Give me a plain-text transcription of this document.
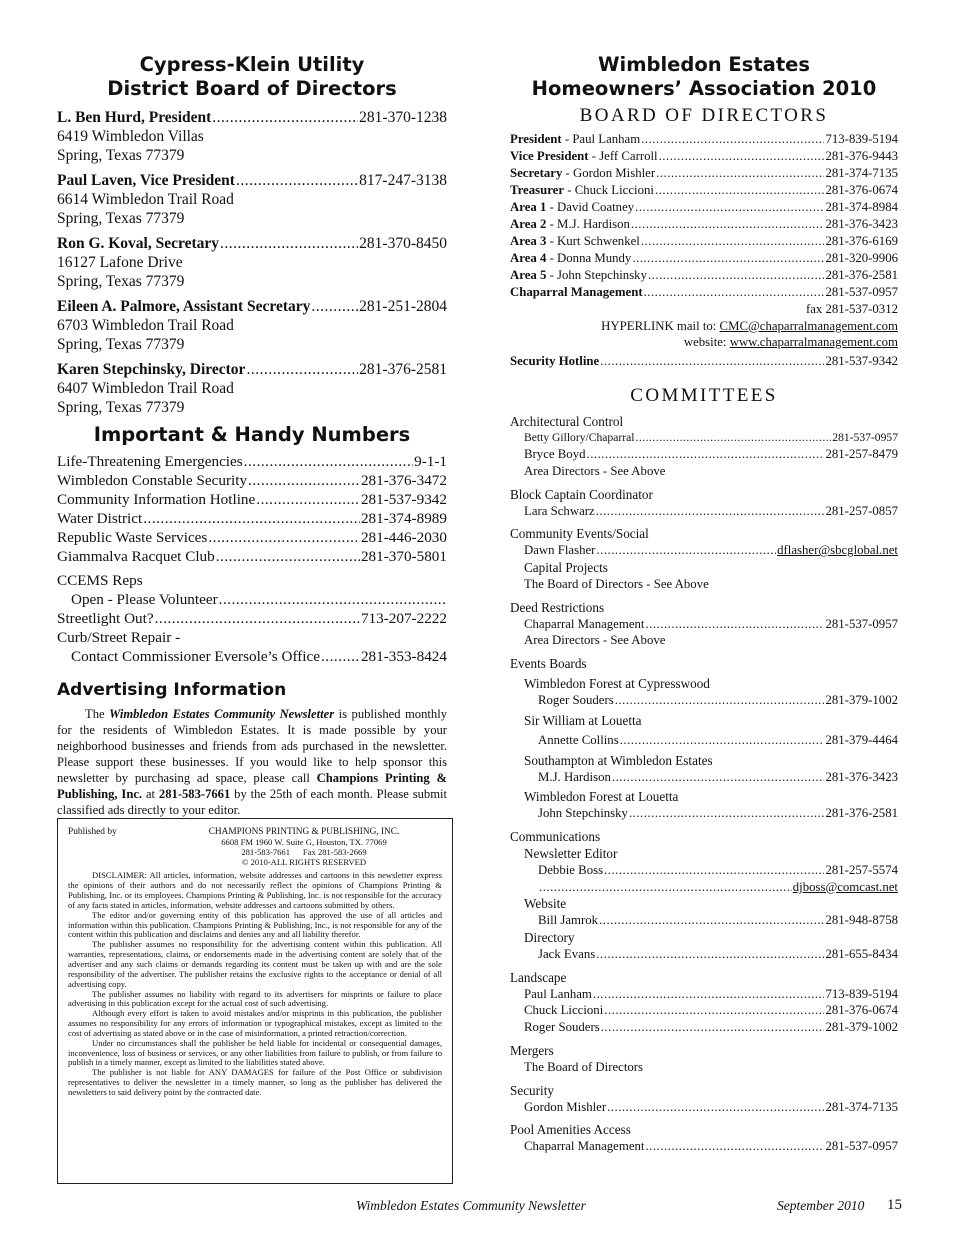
Cypress-Klein Utility
District Board of Directors
L. Ben Hurd, President .....	281-370-1238
6419 Wimbledon Villas
Spring, Texas 77379
Paul Laven, Vice President .....	817-247-3138
6614 Wimbledon Trail Road
Spring, Texas 77379
Ron G. Koval, Secretary .....	281-370-8450
16127 Lafone Drive
Spring, Texas 77379
Eileen A. Palmore, Assistant Secretary .....	281-251-2804
6703 Wimbledon Trail Road
Spring, Texas 77379
Karen Stepchinsky, Director .....	281-376-2581
6407 Wimbledon Trail Road
Spring, Texas 77379
Important & Handy Numbers
Life-Threatening Emergencies .....	9-1-1
Wimbledon Constable Security .....	281-376-3472
Community Information Hotline .....	281-537-9342
Water District .....	281-374-8989
Republic Waste Services .....	281-446-2030
Giammalva Racquet Club .....	281-370-5801
CCEMS Reps
Open - Please Volunteer
.....
Streetlight Out? .....	713-207-2222
Curb/Street Repair -
Contact Commissioner Eversole’s Office .....	281-353-8424
Advertising Information
The Wimbledon Estates Community Newsletter is published monthly for the residents of Wimbledon Estates. It is made possible by your neighborhood businesses and friends from ads purchased in the newsletter. Please support these businesses. If you would like to help sponsor this newsletter by purchasing ad space, please call Champions Printing & Publishing, Inc. at 281-583-7661 by the 25th of each month. Please submit classified ads directly to your editor.
Published by	CHAMPIONS PRINTING & PUBLISHING, INC.
6608 FM 1960 W. Suite G, Houston, TX. 77069
281-583-7661      Fax 281-583-2669
© 2010-ALL RIGHTS RESERVED

DISCLAIMER: All articles, information, website addresses and cartoons in this newsletter express the opinions of their authors and do not necessarily reflect the opinions of Champions Printing & Publishing, Inc. or its employees. Champions Printing & Publishing, Inc. is not responsible for the accuracy of any facts stated in articles, information, website addresses and cartoons submitted by others.

The editor and/or governing entity of this publication has approved the use of all articles and information within this publication. Champions Printing & Publishing, Inc., is not responsible for any of the content within this publication and disclaims and denies any and all liability therefor.

The publisher assumes no responsibility for the advertising content within this publication. All warranties, representations, claims, or endorsements made in the advertising content are solely that of the advertiser and any such claims or demands regarding its content must be taken up with and are the sole responsibility of the advertiser. The publisher retains the exclusive rights to the acceptance or denial of all advertising copy.

The publisher assumes no liability with regard to its advertisers for misprints or failure to place advertising in this publication except for the actual cost of such advertising.

Although every effort is taken to avoid mistakes and/or misprints in this publication, the publisher assumes no responsibility for any errors of information or typographical mistakes, except as limited to the cost of advertising as stated above or in the case of misinformation, a printed retraction/correction.

Under no circumstances shall the publisher be held liable for incidental or consequential damages, inconvenience, loss of business or services, or any other liabilities from failure to publish, or from failure to publish in a timely manner, except as limited to the liabilities stated above.

The publisher is not liable for ANY DAMAGES for failure of the Post Office or subdivision representatives to deliver the newsletter in a timely manner, so long as the publisher has delivered the newsletters to said delivery point by the contracted date.

Wimbledon Estates
Homeowners’ Association 2010
BOARD OF DIRECTORS
President - Paul Lanham .....	713-839-5194
Vice President - Jeff Carroll .....	281-376-9443
Secretary - Gordon Mishler .....	281-374-7135
Treasurer - Chuck Liccioni .....	281-376-0674
Area 1 - David Coatney .....	281-374-8984
Area 2 - M.J. Hardison .....	281-376-3423
Area 3 - Kurt Schwenkel .....	281-376-6169
Area 4 - Donna Mundy .....	281-320-9906
Area 5 - John Stepchinsky .....	281-376-2581
Chaparral Management .....	281-537-0957
fax 281-537-0312
HYPERLINK mail to: CMC@chaparralmanagement.com
website: www.chaparralmanagement.com
Security Hotline .....	281-537-9342
COMMITTEES
Architectural Control
Betty Gillory/Chaparral .....	281-537-0957
Bryce Boyd .....	281-257-8479
Area Directors - See Above
Block Captain Coordinator
Lara Schwarz .....	281-257-0857
Community Events/Social
Dawn Flasher .....	dflasher@sbcglobal.net
Capital Projects
The Board of Directors - See Above
Deed Restrictions
Chaparral Management .....	281-537-0957
Area Directors - See Above
Events Boards
Wimbledon Forest at Cypresswood
Roger Souders .....	281-379-1002
Sir William at Louetta
Annette Collins .....	281-379-4464
Southampton at Wimbledon Estates
M.J. Hardison .....	281-376-3423
Wimbledon Forest at Louetta
John Stepchinsky .....	281-376-2581
Communications
Newsletter Editor
Debbie Boss .....	281-257-5574
.....
djboss@comcast.net
Website
Bill Jamrok .....	281-948-8758
Directory
Jack Evans .....	281-655-8434
Landscape
Paul Lanham .....	713-839-5194
Chuck Liccioni .....	281-376-0674
Roger Souders .....	281-379-1002
Mergers
The Board of Directors
Security
Gordon Mishler .....	281-374-7135
Pool Amenities Access
Chaparral Management .....	281-537-0957
Wimbledon Estates Community Newsletter	September 2010 15
